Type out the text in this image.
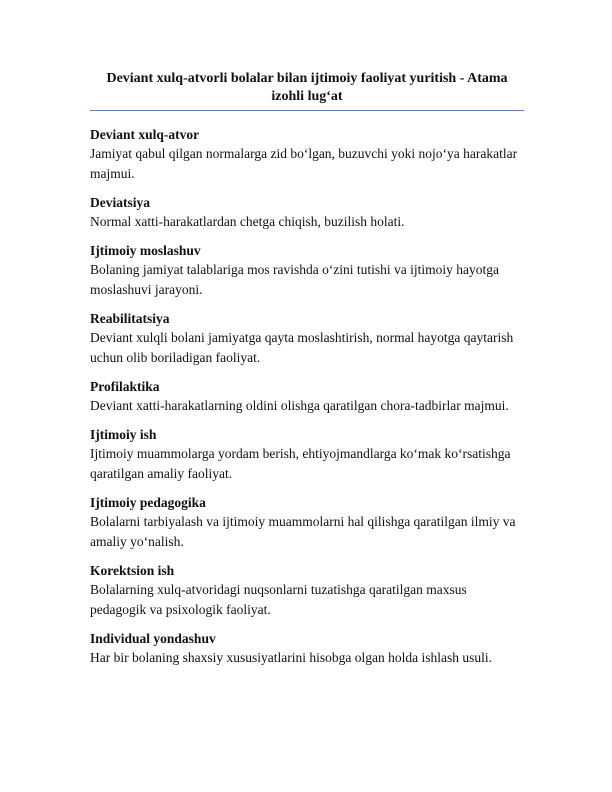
Deviant xulq-atvorli bolalar bilan ijtimoiy faoliyat yuritish - Atama izohli lug‘at
Deviant xulq-atvor
Jamiyat qabul qilgan normalarga zid bo‘lgan, buzuvchi yoki nojo‘ya harakatlar majmui.
Deviatsiya
Normal xatti-harakatlardan chetga chiqish, buzilish holati.
Ijtimoiy moslashuv
Bolaning jamiyat talablariga mos ravishda o‘zini tutishi va ijtimoiy hayotga moslashuvi jarayoni.
Reabilitatsiya
Deviant xulqli bolani jamiyatga qayta moslashtirish, normal hayotga qaytarish uchun olib boriladigan faoliyat.
Profilaktika
Deviant xatti-harakatlarning oldini olishga qaratilgan chora-tadbirlar majmui.
Ijtimoiy ish
Ijtimoiy muammolarga yordam berish, ehtiyojmandlarga ko‘mak ko‘rsatishga qaratilgan amaliy faoliyat.
Ijtimoiy pedagogika
Bolalarni tarbiyalash va ijtimoiy muammolarni hal qilishga qaratilgan ilmiy va amaliy yo‘nalish.
Korektsion ish
Bolalarning xulq-atvoridagi nuqsonlarni tuzatishga qaratilgan maxsus pedagogik va psixologik faoliyat.
Individual yondashuv
Har bir bolaning shaxsiy xususiyatlarini hisobga olgan holda ishlash usuli.
